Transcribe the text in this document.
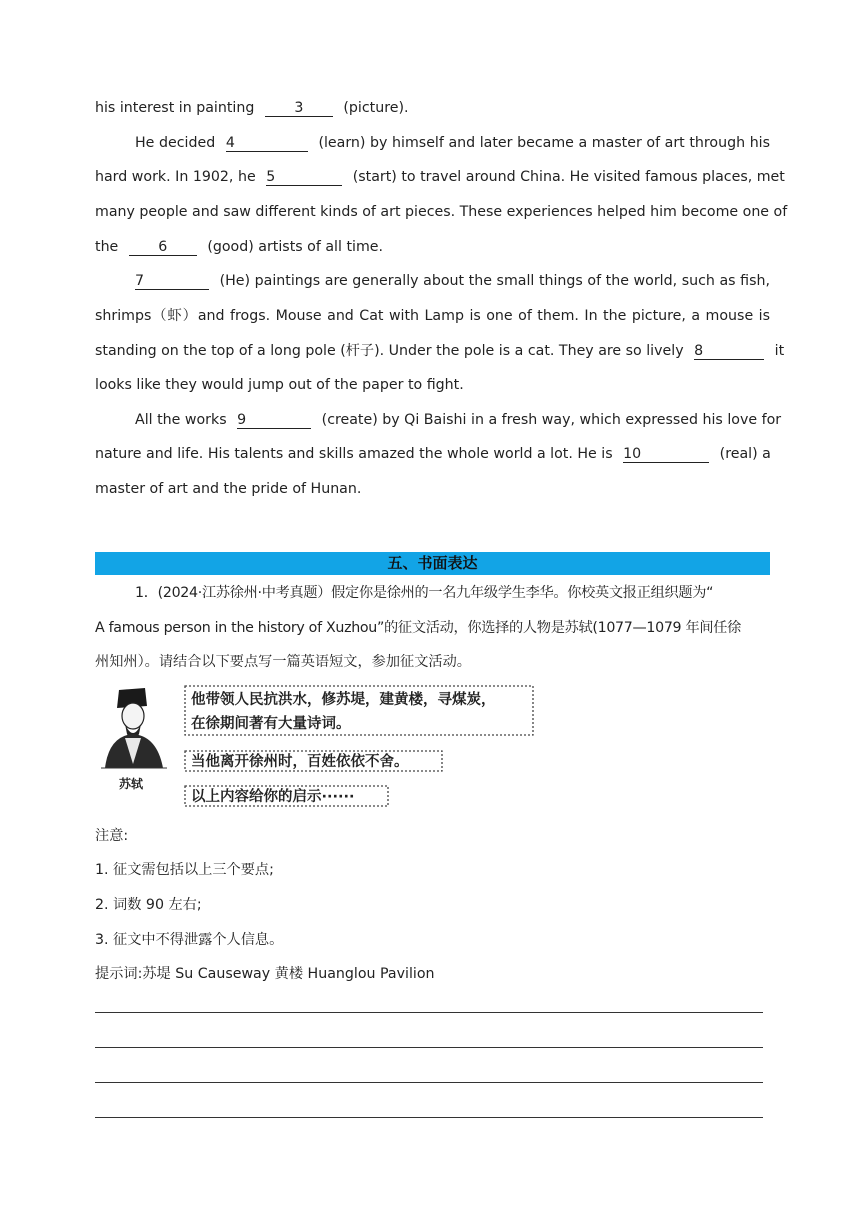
his interest in painting	3	(picture).
He decided 4	(learn) by himself and later became a master of art through his
hard work. In 1902, he 5	(start) to travel around China. He visited famous places, met
many people and saw different kinds of art pieces. These experiences helped him become one of
the	6	(good) artists of all time.
7	(He) paintings are generally about the small things of the world, such as fish,
shrimps（虾）and frogs. Mouse and Cat with Lamp is one of them. In the picture, a mouse is
standing on the top of a long pole (杆子). Under the pole is a cat. They are so lively 8	it
looks like they would jump out of the paper to fight.
All the works 9	(create) by Qi Baishi in a fresh way, which expressed his love for
nature and life. His talents and skills amazed the whole world a lot. He is 10	(real) a
master of art and the pride of Hunan.
五、书面表达
1．(2024·江苏徐州·中考真题）假定你是徐州的一名九年级学生李华。你校英文报正组织题为“
A famous person in the history of Xuzhou”的征文活动，你选择的人物是苏轼(1077—1079 年间任徐
州知州）。请结合以下要点写一篇英语短文，参加征文活动。
苏轼
他带领人民抗洪水，修苏堤，建黄楼，寻煤炭，
在徐期间著有大量诗词。
当他离开徐州时，百姓依依不舍。
以上内容给你的启示······
注意:
1. 征文需包括以上三个要点;
2. 词数 90 左右;
3. 征文中不得泄露个人信息。
提示词:苏堤 Su Causeway 黄楼 Huanglou Pavilion
